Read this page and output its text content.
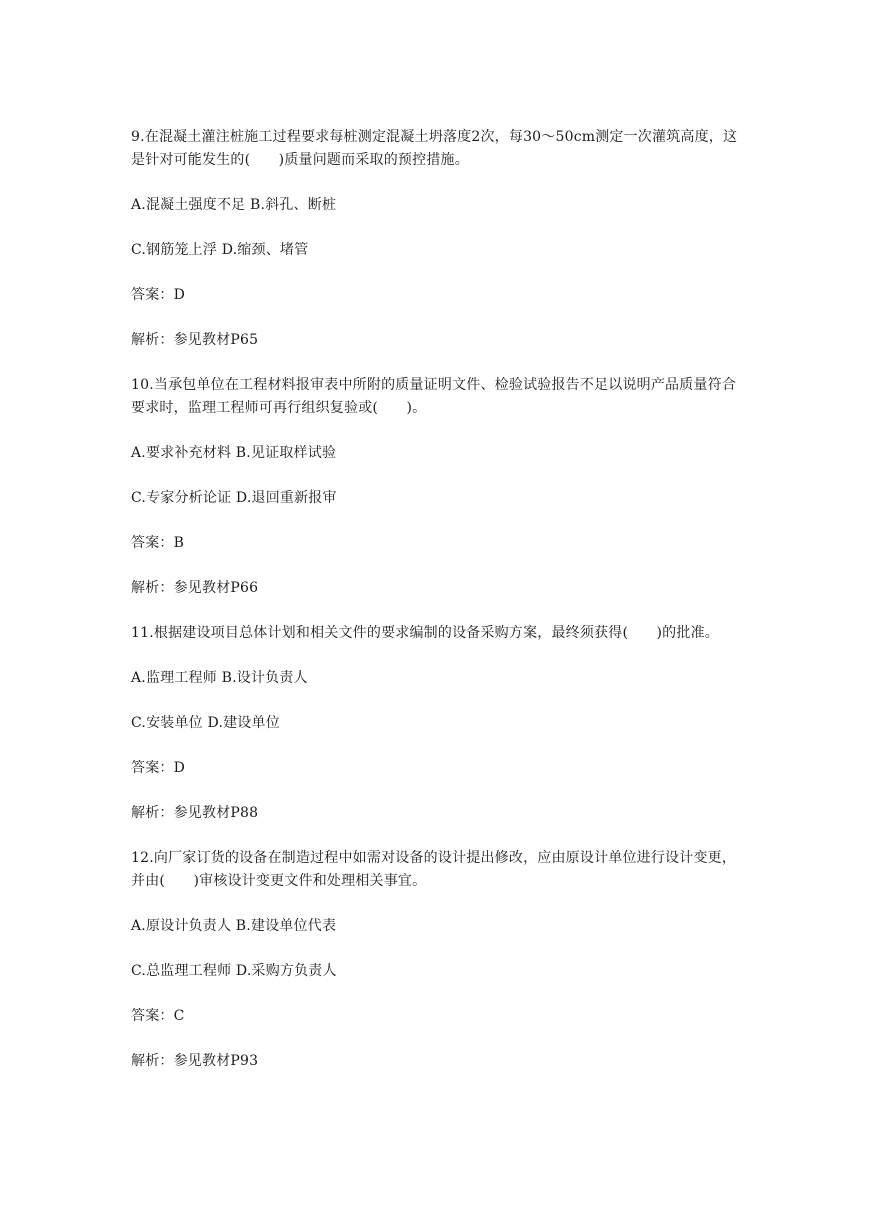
9.在混凝土灌注桩施工过程要求每桩测定混凝土坍落度2次，每30～50cm测定一次灌筑高度，这是针对可能发生的(　　)质量问题而采取的预控措施。

A.混凝土强度不足 B.斜孔、断桩

C.钢筋笼上浮 D.缩颈、堵管

答案：D

解析：参见教材P65

10.当承包单位在工程材料报审表中所附的质量证明文件、检验试验报告不足以说明产品质量符合要求时，监理工程师可再行组织复验或(　　)。

A.要求补充材料 B.见证取样试验

C.专家分析论证 D.退回重新报审

答案：B

解析：参见教材P66

11.根据建设项目总体计划和相关文件的要求编制的设备采购方案，最终须获得(　　)的批准。

A.监理工程师 B.设计负责人

C.安装单位 D.建设单位

答案：D

解析：参见教材P88

12.向厂家订货的设备在制造过程中如需对设备的设计提出修改，应由原设计单位进行设计变更，并由(　　)审核设计变更文件和处理相关事宜。

A.原设计负责人 B.建设单位代表

C.总监理工程师 D.采购方负责人

答案：C

解析：参见教材P93
